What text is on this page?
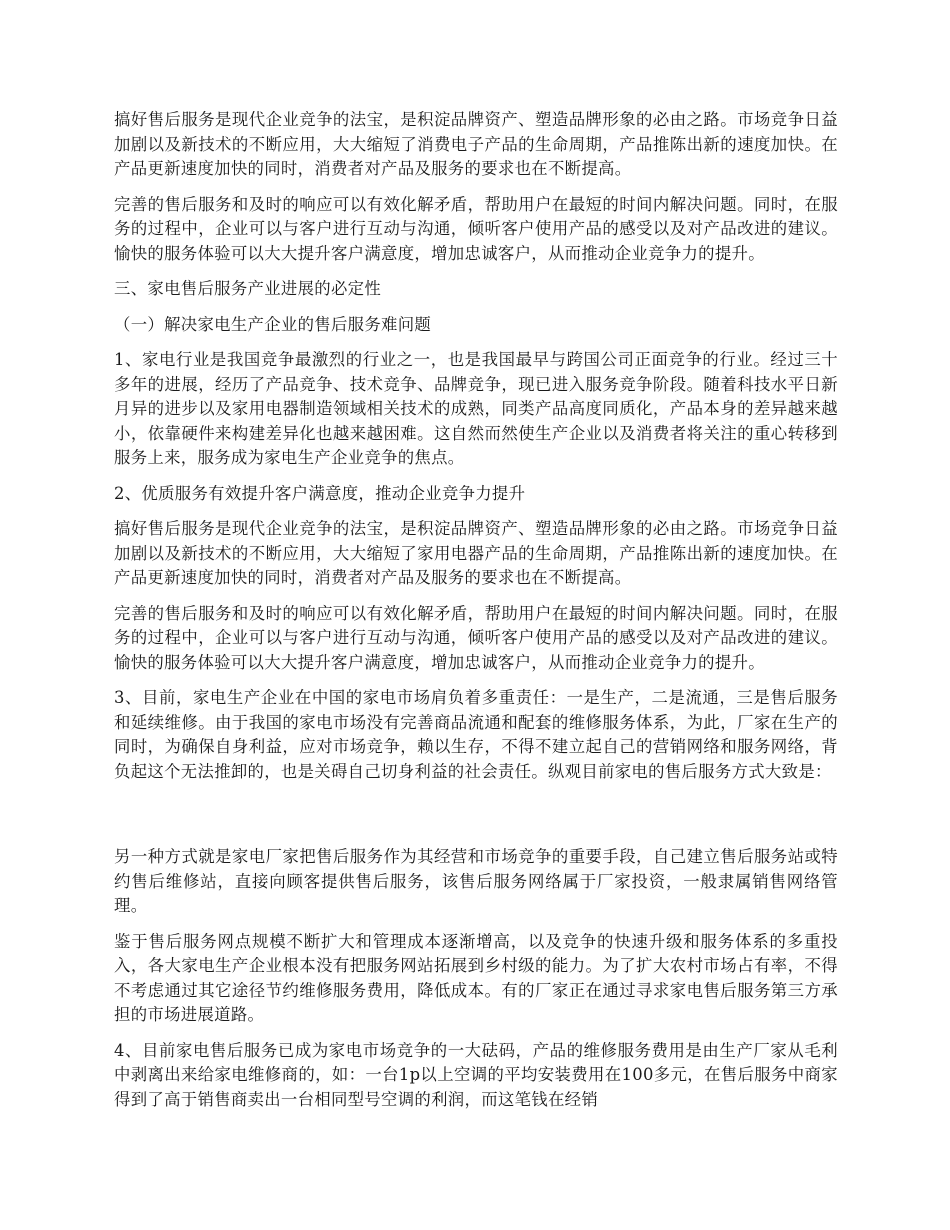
搞好售后服务是现代企业竞争的法宝，是积淀品牌资产、塑造品牌形象的必由之路。市场竞争日益加剧以及新技术的不断应用，大大缩短了消费电子产品的生命周期，产品推陈出新的速度加快。在产品更新速度加快的同时，消费者对产品及服务的要求也在不断提高。

完善的售后服务和及时的响应可以有效化解矛盾，帮助用户在最短的时间内解决问题。同时，在服务的过程中，企业可以与客户进行互动与沟通，倾听客户使用产品的感受以及对产品改进的建议。愉快的服务体验可以大大提升客户满意度，增加忠诚客户，从而推动企业竞争力的提升。

三、家电售后服务产业进展的必定性

（一）解决家电生产企业的售后服务难问题

1、家电行业是我国竞争最激烈的行业之一，也是我国最早与跨国公司正面竞争的行业。经过三十多年的进展，经历了产品竞争、技术竞争、品牌竞争，现已进入服务竞争阶段。随着科技水平日新月异的进步以及家用电器制造领域相关技术的成熟，同类产品高度同质化，产品本身的差异越来越小，依靠硬件来构建差异化也越来越困难。这自然而然使生产企业以及消费者将关注的重心转移到服务上来，服务成为家电生产企业竞争的焦点。

2、优质服务有效提升客户满意度，推动企业竞争力提升

搞好售后服务是现代企业竞争的法宝，是积淀品牌资产、塑造品牌形象的必由之路。市场竞争日益加剧以及新技术的不断应用，大大缩短了家用电器产品的生命周期，产品推陈出新的速度加快。在产品更新速度加快的同时，消费者对产品及服务的要求也在不断提高。

完善的售后服务和及时的响应可以有效化解矛盾，帮助用户在最短的时间内解决问题。同时，在服务的过程中，企业可以与客户进行互动与沟通，倾听客户使用产品的感受以及对产品改进的建议。愉快的服务体验可以大大提升客户满意度，增加忠诚客户，从而推动企业竞争力的提升。

3、目前，家电生产企业在中国的家电市场肩负着多重责任：一是生产，二是流通，三是售后服务和延续维修。由于我国的家电市场没有完善商品流通和配套的维修服务体系，为此，厂家在生产的同时，为确保自身利益，应对市场竞争，赖以生存，不得不建立起自己的营销网络和服务网络，背负起这个无法推卸的，也是关碍自己切身利益的社会责任。纵观目前家电的售后服务方式大致是：

另一种方式就是家电厂家把售后服务作为其经营和市场竞争的重要手段，自己建立售后服务站或特约售后维修站，直接向顾客提供售后服务，该售后服务网络属于厂家投资，一般隶属销售网络管理。

鉴于售后服务网点规模不断扩大和管理成本逐渐增高，以及竞争的快速升级和服务体系的多重投入，各大家电生产企业根本没有把服务网站拓展到乡村级的能力。为了扩大农村市场占有率，不得不考虑通过其它途径节约维修服务费用，降低成本。有的厂家正在通过寻求家电售后服务第三方承担的市场进展道路。

4、目前家电售后服务已成为家电市场竞争的一大砝码，产品的维修服务费用是由生产厂家从毛利中剥离出来给家电维修商的，如：一台1p以上空调的平均安装费用在100多元，在售后服务中商家得到了高于销售商卖出一台相同型号空调的利润，而这笔钱在经销
